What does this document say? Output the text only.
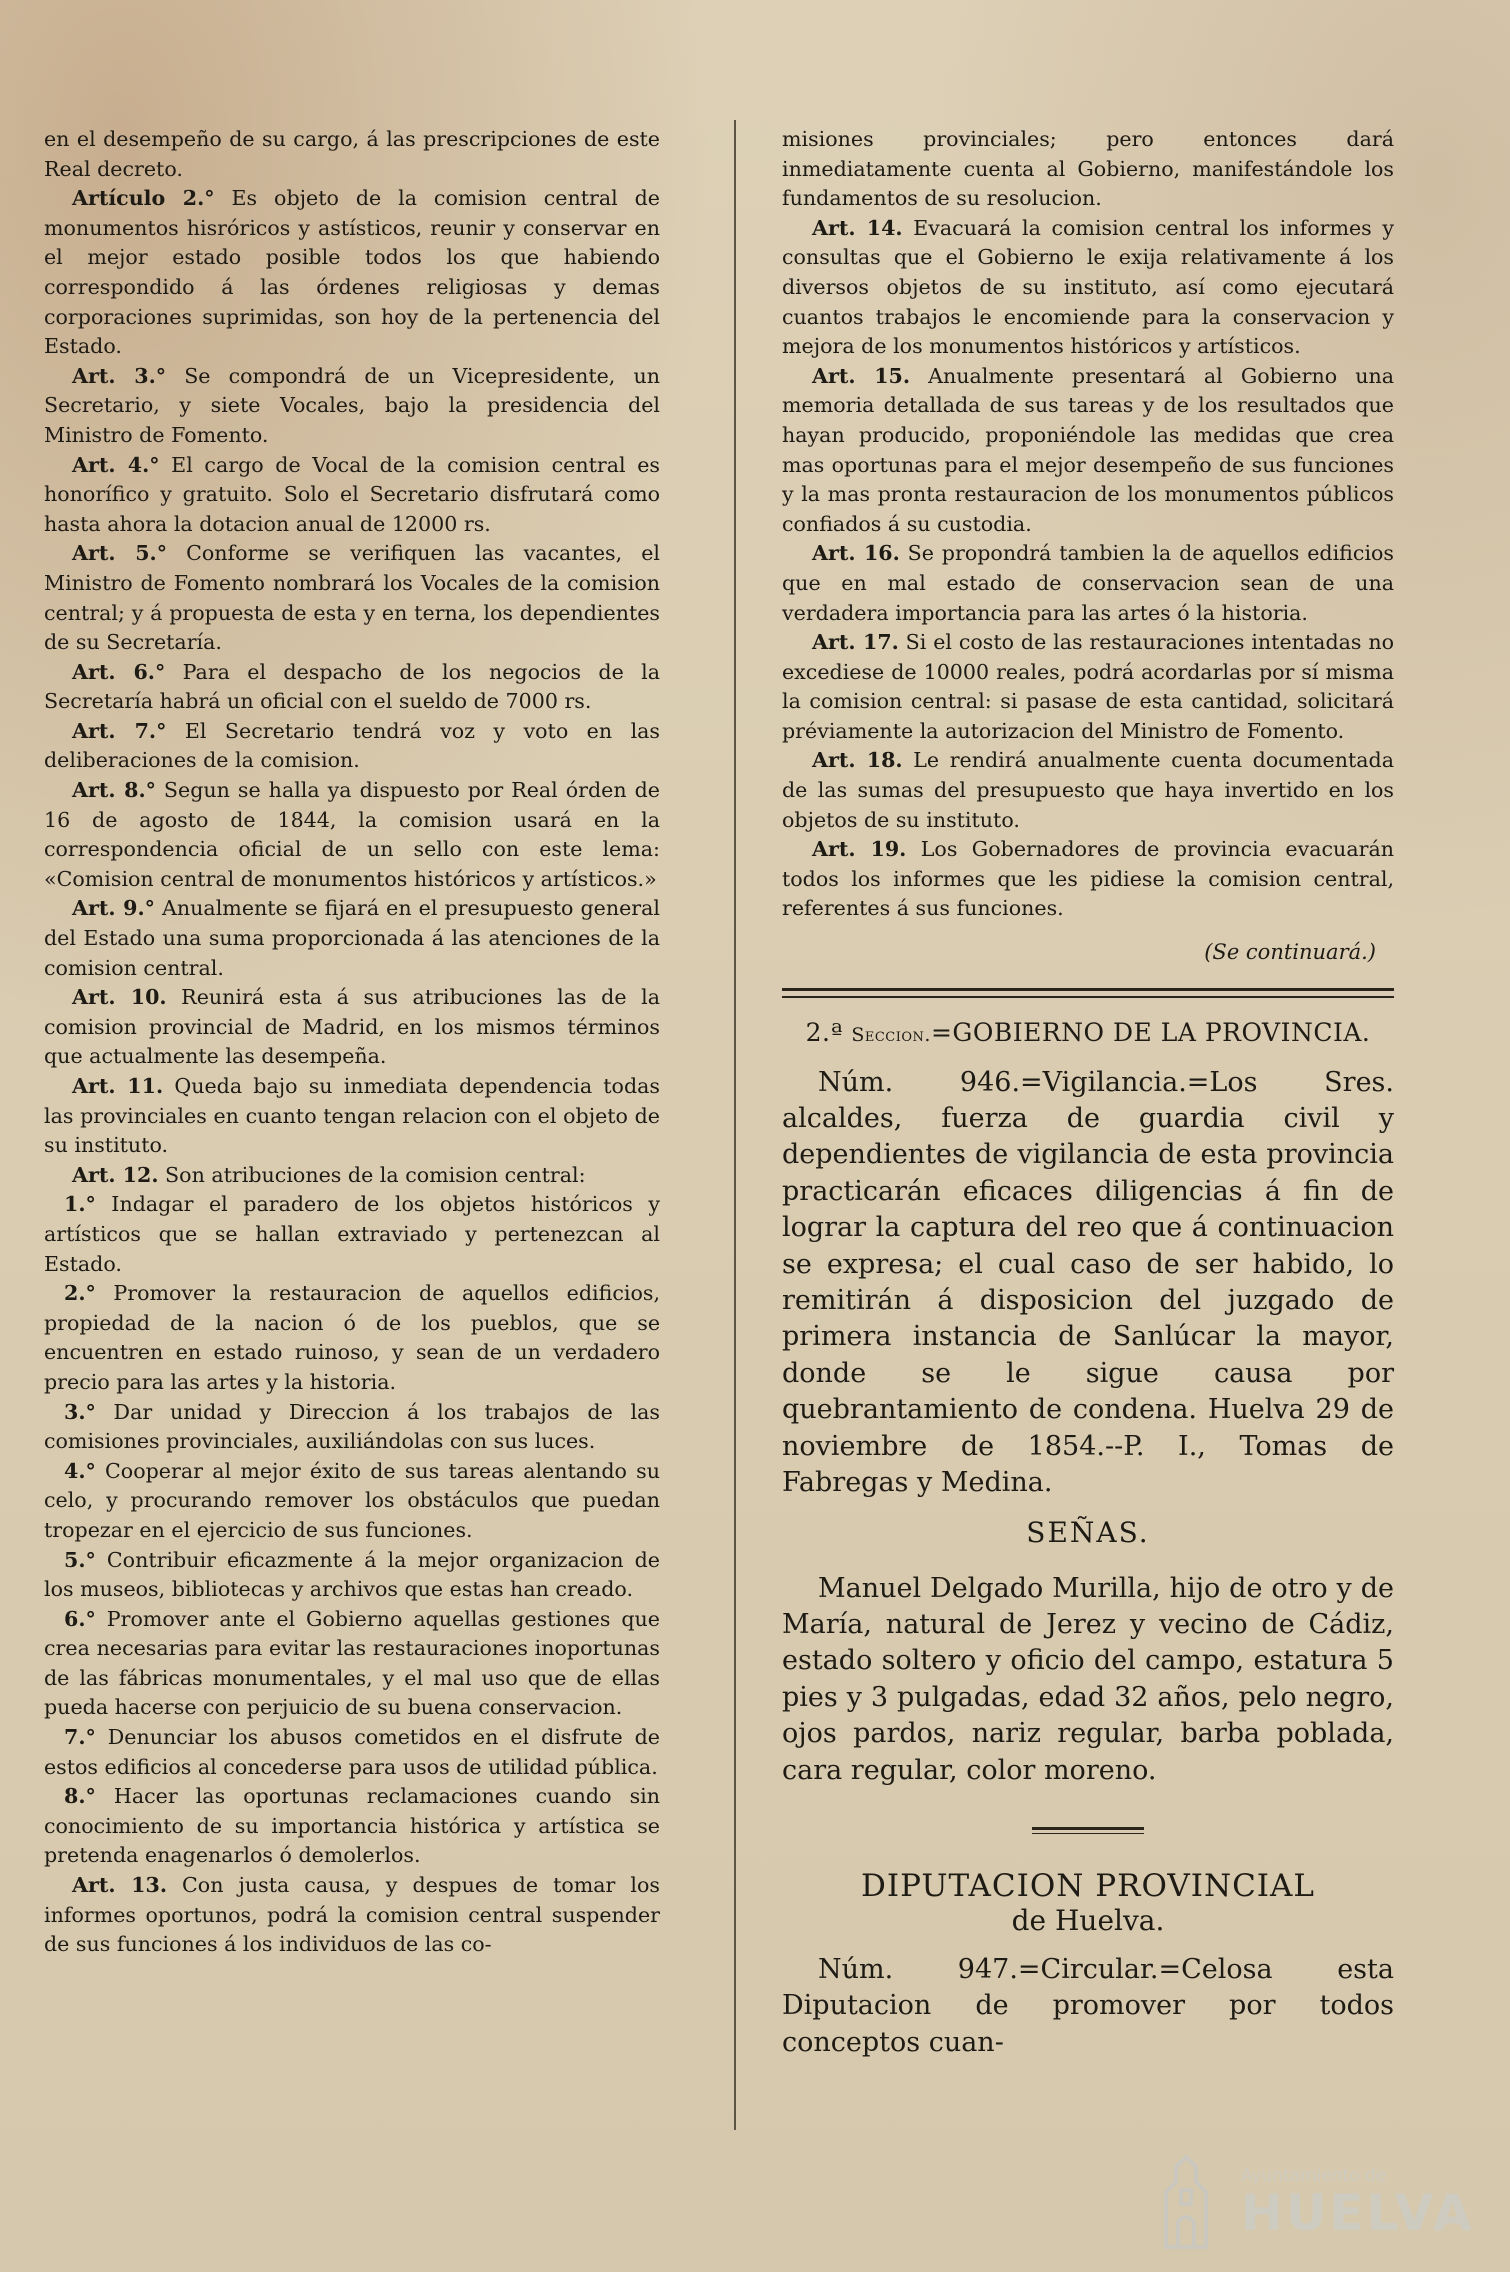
en el desempeño de su cargo, á las prescripciones de este Real decreto.

Artículo 2.° Es objeto de la comision central de monumentos hisróricos y astísticos, reunir y conservar en el mejor estado posible todos los que habiendo correspondido á las órdenes religiosas y demas corporaciones suprimidas, son hoy de la pertenencia del Estado.

Art. 3.° Se compondrá de un Vicepresidente, un Secretario, y siete Vocales, bajo la presidencia del Ministro de Fomento.

Art. 4.° El cargo de Vocal de la comision central es honorífico y gratuito. Solo el Secretario disfrutará como hasta ahora la dotacion anual de 12000 rs.

Art. 5.° Conforme se verifiquen las vacantes, el Ministro de Fomento nombrará los Vocales de la comision central; y á propuesta de esta y en terna, los dependientes de su Secretaría.

Art. 6.° Para el despacho de los negocios de la Secretaría habrá un oficial con el sueldo de 7000 rs.

Art. 7.° El Secretario tendrá voz y voto en las deliberaciones de la comision.

Art. 8.° Segun se halla ya dispuesto por Real órden de 16 de agosto de 1844, la comision usará en la correspondencia oficial de un sello con este lema: «Comision central de monumentos históricos y artísticos.»

Art. 9.° Anualmente se fijará en el presupuesto general del Estado una suma proporcionada á las atenciones de la comision central.

Art. 10. Reunirá esta á sus atribuciones las de la comision provincial de Madrid, en los mismos términos que actualmente las desempeña.

Art. 11. Queda bajo su inmediata dependencia todas las provinciales en cuanto tengan relacion con el objeto de su instituto.

Art. 12. Son atribuciones de la comision central:

1.° Indagar el paradero de los objetos históricos y artísticos que se hallan extraviado y pertenezcan al Estado.

2.° Promover la restauracion de aquellos edificios, propiedad de la nacion ó de los pueblos, que se encuentren en estado ruinoso, y sean de un verdadero precio para las artes y la historia.

3.° Dar unidad y Direccion á los trabajos de las comisiones provinciales, auxiliándolas con sus luces.

4.° Cooperar al mejor éxito de sus tareas alentando su celo, y procurando remover los obstáculos que puedan tropezar en el ejercicio de sus funciones.

5.° Contribuir eficazmente á la mejor organizacion de los museos, bibliotecas y archivos que estas han creado.

6.° Promover ante el Gobierno aquellas gestiones que crea necesarias para evitar las restauraciones inoportunas de las fábricas monumentales, y el mal uso que de ellas pueda hacerse con perjuicio de su buena conservacion.

7.° Denunciar los abusos cometidos en el disfrute de estos edificios al concederse para usos de utilidad pública.

8.° Hacer las oportunas reclamaciones cuando sin conocimiento de su importancia histórica y artística se pretenda enagenarlos ó demolerlos.

Art. 13. Con justa causa, y despues de tomar los informes oportunos, podrá la comision central suspender de sus funciones á los individuos de las co-

misiones provinciales; pero entonces dará inmediatamente cuenta al Gobierno, manifestándole los fundamentos de su resolucion.

Art. 14. Evacuará la comision central los informes y consultas que el Gobierno le exija relativamente á los diversos objetos de su instituto, así como ejecutará cuantos trabajos le encomiende para la conservacion y mejora de los monumentos históricos y artísticos.

Art. 15. Anualmente presentará al Gobierno una memoria detallada de sus tareas y de los resultados que hayan producido, proponiéndole las medidas que crea mas oportunas para el mejor desempeño de sus funciones y la mas pronta restauracion de los monumentos públicos confiados á su custodia.

Art. 16. Se propondrá tambien la de aquellos edificios que en mal estado de conservacion sean de una verdadera importancia para las artes ó la historia.

Art. 17. Si el costo de las restauraciones intentadas no excediese de 10000 reales, podrá acordarlas por sí misma la comision central: si pasase de esta cantidad, solicitará préviamente la autorizacion del Ministro de Fomento.

Art. 18. Le rendirá anualmente cuenta documentada de las sumas del presupuesto que haya invertido en los objetos de su instituto.

Art. 19. Los Gobernadores de provincia evacuarán todos los informes que les pidiese la comision central, referentes á sus funciones.

(Se continuará.)

2.ª Seccion.=GOBIERNO DE LA PROVINCIA.

Núm. 946.=Vigilancia.=Los Sres. alcaldes, fuerza de guardia civil y dependientes de vigilancia de esta provincia practicarán eficaces diligencias á fin de lograr la captura del reo que á continuacion se expresa; el cual caso de ser habido, lo remitirán á disposicion del juzgado de primera instancia de Sanlúcar la mayor, donde se le sigue causa por quebrantamiento de condena. Huelva 29 de noviembre de 1854.--P. I., Tomas de Fabregas y Medina.

SEÑAS.

Manuel Delgado Murilla, hijo de otro y de María, natural de Jerez y vecino de Cádiz, estado soltero y oficio del campo, estatura 5 pies y 3 pulgadas, edad 32 años, pelo negro, ojos pardos, nariz regular, barba poblada, cara regular, color moreno.

DIPUTACION PROVINCIAL
de Huelva.

Núm. 947.=Circular.=Celosa esta Diputacion de promover por todos conceptos cuan-

Ayuntamiento de
HUELVA
